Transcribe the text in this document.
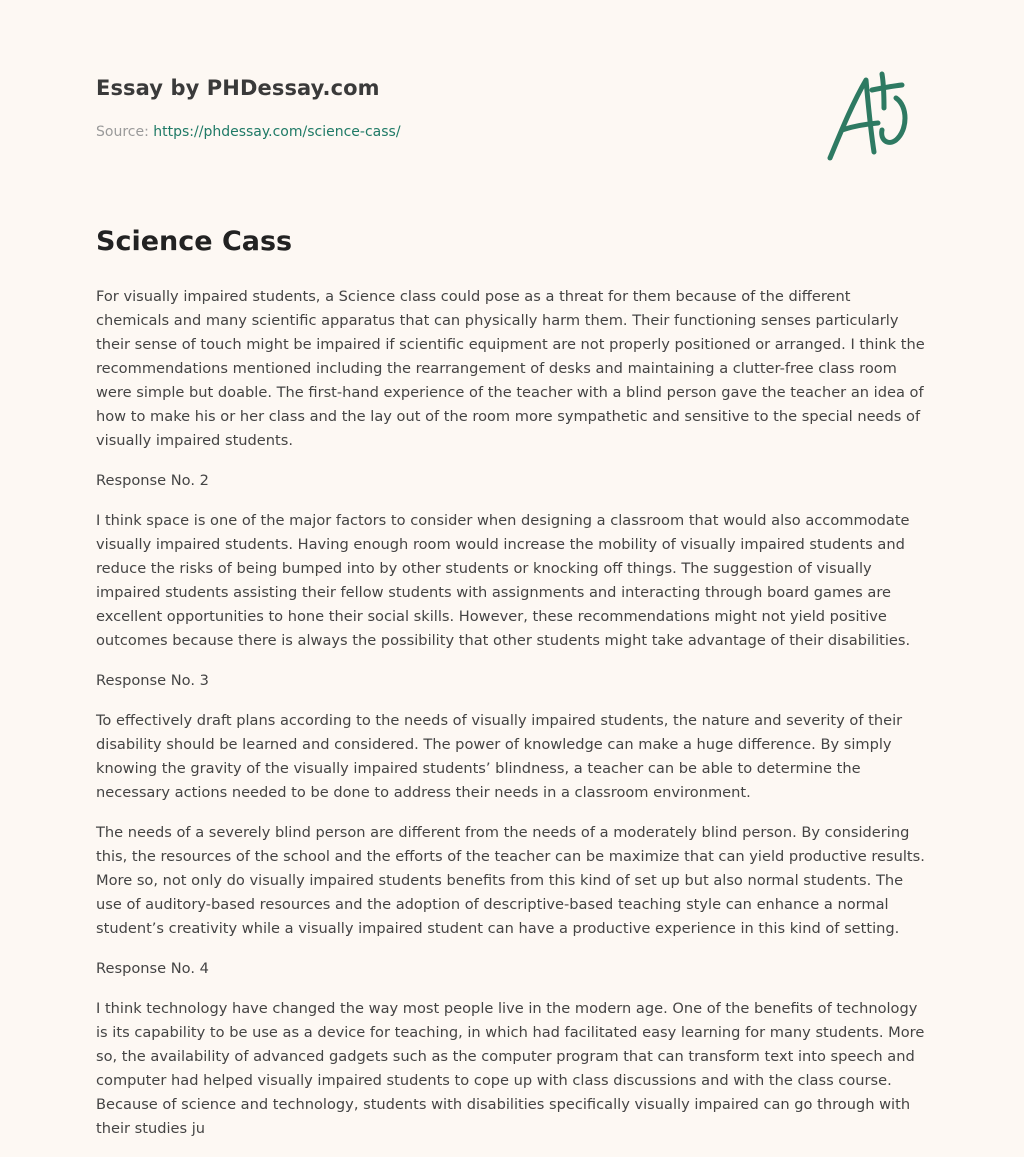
Essay by PHDessay.com
Source: https://phdessay.com/science-cass/
Science Cass

For visually impaired students, a Science class could pose as a threat for them because of the different chemicals and many scientific apparatus that can physically harm them. Their functioning senses particularly their sense of touch might be impaired if scientific equipment are not properly positioned or arranged. I think the recommendations mentioned including the rearrangement of desks and maintaining a clutter-free class room were simple but doable. The first-hand experience of the teacher with a blind person gave the teacher an idea of how to make his or her class and the lay out of the room more sympathetic and sensitive to the special needs of visually impaired students.

Response No. 2

I think space is one of the major factors to consider when designing a classroom that would also accommodate visually impaired students. Having enough room would increase the mobility of visually impaired students and reduce the risks of being bumped into by other students or knocking off things. The suggestion of visually impaired students assisting their fellow students with assignments and interacting through board games are excellent opportunities to hone their social skills. However, these recommendations might not yield positive outcomes because there is always the possibility that other students might take advantage of their disabilities.

Response No. 3

To effectively draft plans according to the needs of visually impaired students, the nature and severity of their disability should be learned and considered. The power of knowledge can make a huge difference. By simply knowing the gravity of the visually impaired students’ blindness, a teacher can be able to determine the necessary actions needed to be done to address their needs in a classroom environment.

The needs of a severely blind person are different from the needs of a moderately blind person. By considering this, the resources of the school and the efforts of the teacher can be maximize that can yield productive results. More so, not only do visually impaired students benefits from this kind of set up but also normal students. The use of auditory-based resources and the adoption of descriptive-based teaching style can enhance a normal student’s creativity while a visually impaired student can have a productive experience in this kind of setting.

Response No. 4

I think technology have changed the way most people live in the modern age. One of the benefits of technology is its capability to be use as a device for teaching, in which had facilitated easy learning for many students. More so, the availability of advanced gadgets such as the computer program that can transform text into speech and computer had helped visually impaired students to cope up with class discussions and with the class course. Because of science and technology, students with disabilities specifically visually impaired can go through with their studies ju
